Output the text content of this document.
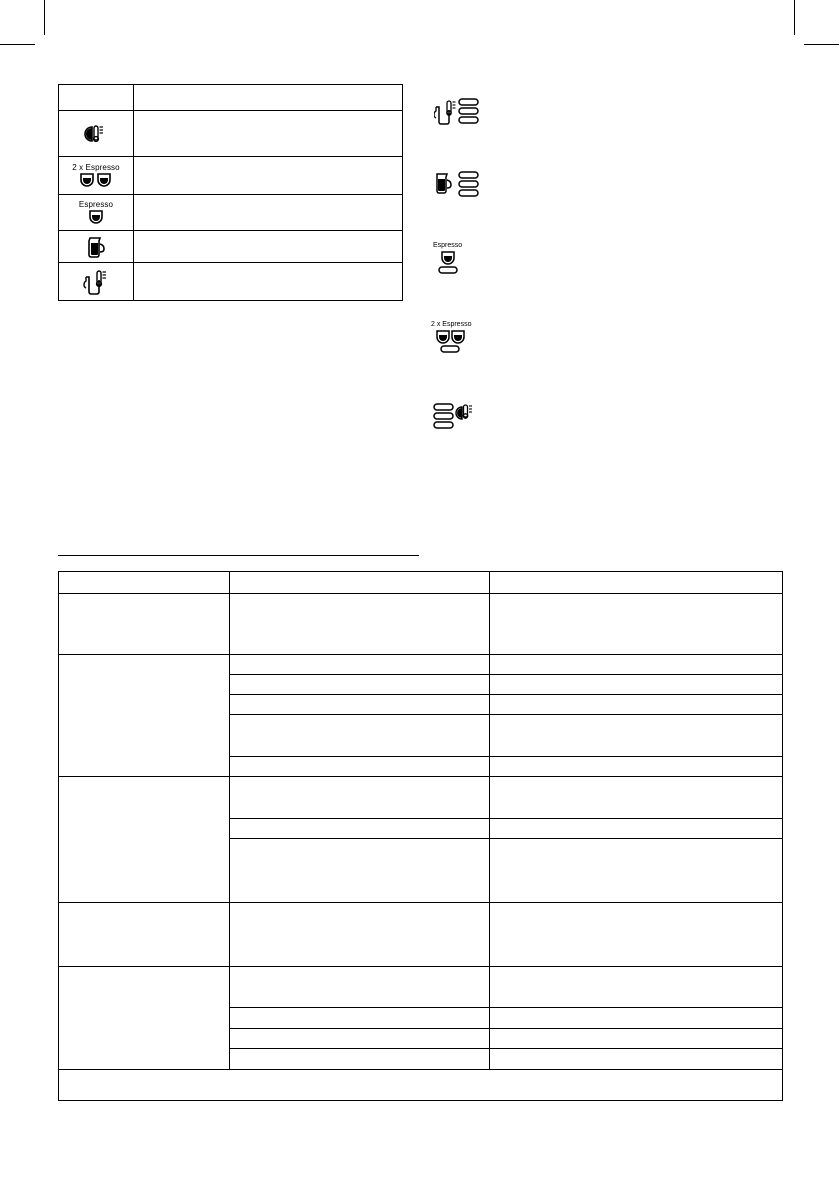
2 x Espresso
Espresso
Espresso
2 x Espresso
